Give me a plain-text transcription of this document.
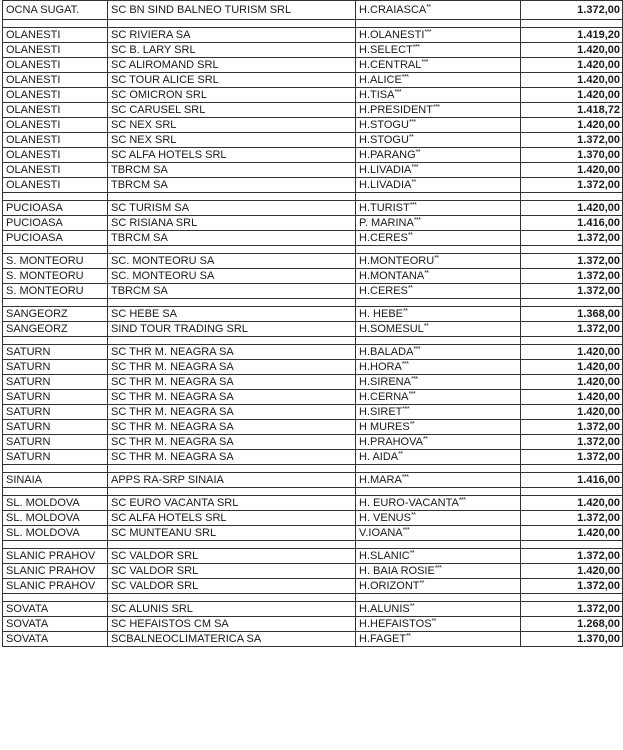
OCNA SUGAT.	SC BN SIND BALNEO TURISM SRL	H.CRAIASCA**	1.372,00

OLANESTI	SC RIVIERA SA	H.OLANESTI***	1.419,20
OLANESTI	SC B. LARY SRL	H.SELECT***	1.420,00
OLANESTI	SC ALIROMAND SRL	H.CENTRAL***	1.420,00
OLANESTI	SC TOUR ALICE SRL	H.ALICE***	1.420,00
OLANESTI	SC OMICRON SRL	H.TISA***	1.420,00
OLANESTI	SC CARUSEL SRL	H.PRESIDENT***	1.418,72
OLANESTI	SC NEX SRL	H.STOGU***	1.420,00
OLANESTI	SC NEX SRL	H.STOGU**	1.372,00
OLANESTI	SC ALFA HOTELS SRL	H.PARANG**	1.370,00
OLANESTI	TBRCM SA	H.LIVADIA***	1.420,00
OLANESTI	TBRCM SA	H.LIVADIA**	1.372,00

PUCIOASA	SC TURISM SA	H.TURIST***	1.420,00
PUCIOASA	SC RISIANA SRL	P. MARINA***	1.416,00
PUCIOASA	TBRCM SA	H.CERES**	1.372,00

S. MONTEORU	SC. MONTEORU SA	H.MONTEORU**	1.372,00
S. MONTEORU	SC. MONTEORU SA	H.MONTANA**	1.372,00
S. MONTEORU	TBRCM SA	H.CERES**	1.372,00

SANGEORZ	SC HEBE SA	H. HEBE**	1.368,00
SANGEORZ	SIND TOUR TRADING SRL	H.SOMESUL**	1.372,00

SATURN	SC THR M. NEAGRA SA	H.BALADA***	1.420,00
SATURN	SC THR M. NEAGRA SA	H.HORA***	1.420,00
SATURN	SC THR M. NEAGRA SA	H.SIRENA***	1.420,00
SATURN	SC THR M. NEAGRA SA	H.CERNA***	1.420,00
SATURN	SC THR M. NEAGRA SA	H.SIRET***	1.420,00
SATURN	SC THR M. NEAGRA SA	H MURES**	1.372,00
SATURN	SC THR M. NEAGRA SA	H.PRAHOVA**	1.372,00
SATURN	SC THR M. NEAGRA SA	H. AIDA**	1.372,00

SINAIA	APPS RA-SRP SINAIA	H.MARA***	1.416,00

SL. MOLDOVA	SC EURO VACANTA SRL	H. EURO-VACANTA***	1.420,00
SL. MOLDOVA	SC ALFA HOTELS SRL	H. VENUS**	1.372,00
SL. MOLDOVA	SC MUNTEANU SRL	V.IOANA***	1.420,00

SLANIC PRAHOV	SC VALDOR SRL	H.SLANIC**	1.372,00
SLANIC PRAHOV	SC VALDOR SRL	H. BAIA ROSIE***	1.420,00
SLANIC PRAHOV	SC VALDOR SRL	H.ORIZONT**	1.372,00

SOVATA	SC ALUNIS SRL	H.ALUNIS**	1.372,00
SOVATA	SC HEFAISTOS CM SA	H.HEFAISTOS**	1.268,00
SOVATA	SCBALNEOCLIMATERICA SA	H.FAGET**	1.370,00
